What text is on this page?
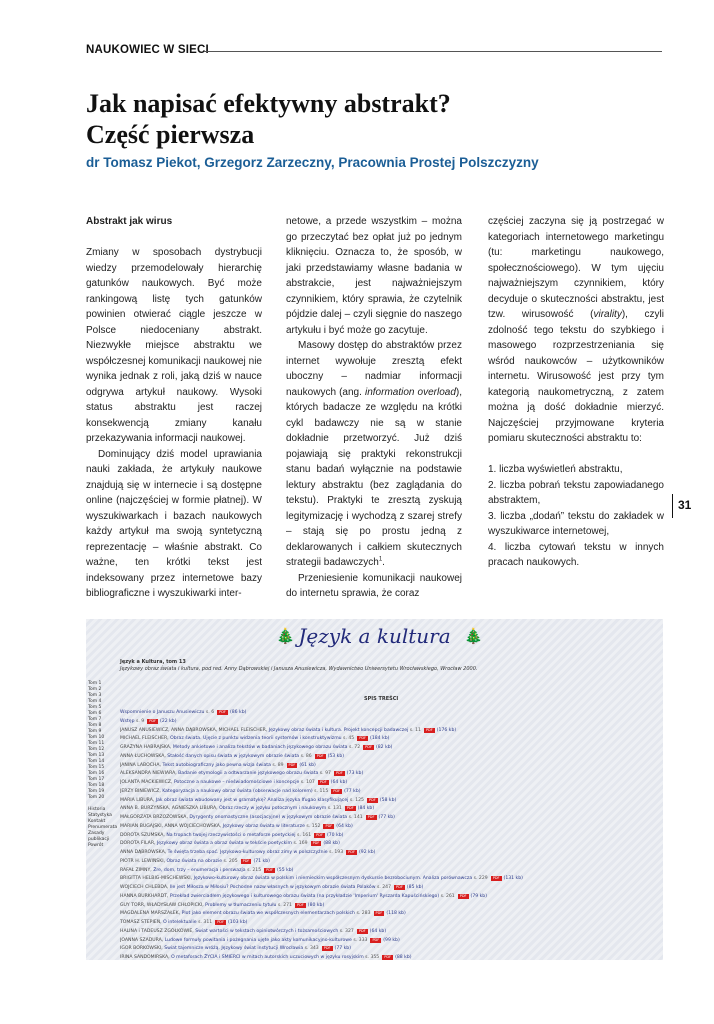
NAUKOWIEC W SIECI
Jak napisać efektywny abstrakt?
Część pierwsza

dr Tomasz Piekot, Grzegorz Zarzeczny, Pracownia Prostej Polszczyzny

Abstrakt jak wirus

Zmiany w sposobach dystrybucji wiedzy przemodelowały hierarchię gatunków naukowych. Być może rankingową listę tych gatunków powinien otwierać ciągle jeszcze w Polsce niedoceniany abstrakt. Niezwykłe miejsce abstraktu we współczesnej komunikacji naukowej nie wynika jednak z roli, jaką dziś w nauce odgrywa artykuł naukowy. Wysoki status abstraktu jest raczej konsekwencją zmiany kanału przekazywania informacji naukowej.

Dominujący dziś model uprawiania nauki zakłada, że artykuły naukowe znajdują się w internecie i są dostępne online (najczęściej w formie płatnej). W wyszukiwarkach i bazach naukowych każdy artykuł ma swoją syntetyczną reprezentację – właśnie abstrakt. Co ważne, ten krótki tekst jest indeksowany przez internetowe bazy bibliograficzne i wyszukiwarki inter-

netowe, a przede wszystkim – można go przeczytać bez opłat już po jednym kliknięciu. Oznacza to, że sposób, w jaki przedstawiamy własne badania w abstrakcie, jest najważniejszym czynnikiem, który sprawia, że czytelnik pójdzie dalej – czyli sięgnie do naszego artykułu i być może go zacytuje.

Masowy dostęp do abstraktów przez internet wywołuje zresztą efekt uboczny – nadmiar informacji naukowych (ang. information overload), których badacze ze względu na krótki cykl badawczy nie są w stanie dokładnie przetworzyć. Już dziś pojawiają się praktyki rekonstrukcji stanu badań wyłącznie na podstawie lektury abstraktu (bez zaglądania do tekstu). Praktyki te zresztą zyskują legitymizację i wychodzą z szarej strefy – stają się po prostu jedną z deklarowanych i całkiem skutecznych strategii badawczych$^1$.

Przeniesienie komunikacji naukowej do internetu sprawia, że coraz

częściej zaczyna się ją postrzegać w kategoriach internetowego marketingu (tu: marketingu naukowego, społecznościowego). W tym ujęciu najważniejszym czynnikiem, który decyduje o skuteczności abstraktu, jest tzw. wirusowość (virality), czyli zdolność tego tekstu do szybkiego i masowego rozprzestrzeniania się wśród naukowców – użytkowników internetu. Wirusowość jest przy tym kategorią naukometryczną, z zatem można ją dość dokładnie mierzyć. Najczęściej przyjmowane kryteria pomiaru skuteczności abstraktu to:

1. liczba wyświetleń abstraktu,

2. liczba pobrań tekstu zapowiadanego abstraktem,

3. liczba „dodań” tekstu do zakładek w wyszukiwarce internetowej,

4. liczba cytowań tekstu w innych pracach naukowych.

31
🎄 Język a kultura 🎄
Język a Kultura, tom 13
Językowy obraz świata i kultura, pod red. Anny Dąbrowskiej i Janusza Anusiewicza, Wydawnictwo Uniwersytetu Wrocławskiego, Wrocław 2000.
Tom 1
Tom 2
Tom 3
Tom 4
Tom 5
Tom 6
Tom 7
Tom 8
Tom 9
Tom 10
Tom 11
Tom 12
Tom 13
Tom 14
Tom 15
Tom 16
Tom 17
Tom 18
Tom 19
Tom 20
Historia
Statystyka
Kontakt
Prenumerata
Zasady
publikacji
Powrót
SPIS TREŚCI
Wspomnienie o Januszu Anusiewiczu s. 6 PDF (86 kb)
Wstęp s. 9 PDF (22 kb)
JANUSZ ANUSIEWICZ, ANNA DĄBROWSKA, MICHAEL FLEISCHER, Językowy obraz świata i kultura. Projekt koncepcji badawczej s. 11 PDF (176 kb)
MICHAEL FLEISCHER, Obraz świata. Ujęcie z punktu widzenia teorii systemów i konstruktywizmu s. 45 PDF (184 kb)
GRAŻYNA HABRAJSKA, Metody ankietowe i analiza tekstów w badaniach językowego obrazu świata s. 72 PDF (82 kb)
ANNA ŁUCHOWSKA, Stałość danych opisu świata w językowym obrazie świata s. 86 PDF (53 kb)
JANINA LABOCHA, Tekst autobiograficzny jako pewna wizja świata s. 89 PDF (61 kb)
ALEKSANDRA NIEWIARA, Badanie etymologii a odtwarzanie językowego obrazu świata s. 97 PDF (73 kb)
JOLANTA MAĆKIEWICZ, Potoczne a naukowe – nieświadomościowe i koncepcje s. 107 PDF (64 kb)
JERZY BINIEWICZ, Kategoryzacja a naukowy obraz świata (obserwacje nad kolorem) s. 115 PDF (77 kb)
MARIA LIBURA, Jak obraz świata wbudowany jest w gramatykę? Analiza języka Ifugao klasyfikującej s. 125 PDF (58 kb)
ANNA B. BURZYŃSKA, AGNIESZKA LIBURA, Obraz rzeczy w języku potocznym i naukowym s. 131 PDF (84 kb)
MAŁGORZATA BRZOZOWSKA, Dyrygenty onomastyczne (asocjacyjne) w językowym obrazie świata s. 141 PDF (77 kb)
MARIAN BUGAJSKI, ANNA WOJCIECHOWSKA, Językowy obraz świata w literaturze s. 152 PDF (64 kb)
DOROTA SZUMSKA, Na tropach twojej rzeczywistości o metaforze poetyckiej s. 161 PDF (70 kb)
DOROTA FILAR, Językowy obraz świata a obraz świata w tekście poetyckim s. 169 PDF (88 kb)
ANNA DĄBROWSKA, Te święta trzeba spać. Językowo-kulturowy obraz zimy w polszczyźnie s. 193 PDF (92 kb)
PIOTR H. LEWIŃSKI, Obraz świata na obrazie s. 205 PDF (71 kb)
RAFAŁ ZIMNY, Żre, dom, trzy – enumeracja i perswazja s. 215 PDF (55 kb)
BRIGITTA HELBIG-MISCHEWSKI, Językowo-kulturowy obraz świata w polskim i niemieckim współczesnym dyskursie bezrobociunym. Analiza porównawcza s. 229 PDF (131 kb)
WOJCIECH CHLEBDA, Ile jest Miłosza w Miłosiu? Pochodne nazw własnych w językowym obrazie świata Polaków s. 247 PDF (85 kb)
HANNA BURKHARDT, Przekład zwierciadłem językowego i kulturowego obrazu świata (na przykładzie 'Imperium' Ryszarda Kapuścińskiego) s. 261 PDF (79 kb)
GUY TORR, WŁADYSŁAW CHŁOPICKI, Problemy w tłumaczeniu tytułu s. 271 PDF (80 kb)
MAGDALENA MARSZAŁEK, Plot jako element obrazu świata we współczesnych elementarzach polskich s. 283 PDF (118 kb)
TOMASZ STEPIEŃ, O intelektualie s. 311 PDF (103 kb)
HALINA i TADEUSZ ZGÓŁKOWIE, Świat wartości w tekstach opiniotwórczych i tożsamościowych s. 327 PDF (64 kb)
JOANNA SZADURA, Ludowe formuły powitania i pożegnania ujęte jako akty komunikacyjno-kulturowe s. 333 PDF (99 kb)
IGOR BORKOWSKI, Świat tajemnicze wróżą. Językowy świat instytucji Wrocławia s. 343 PDF (77 kb)
IRINA SANDOMIRSKA, O metaforach ŻYCIA i ŚMIERCI w mitach autorskich uczuciowych w języku rosyjskim s. 355 PDF (88 kb)
